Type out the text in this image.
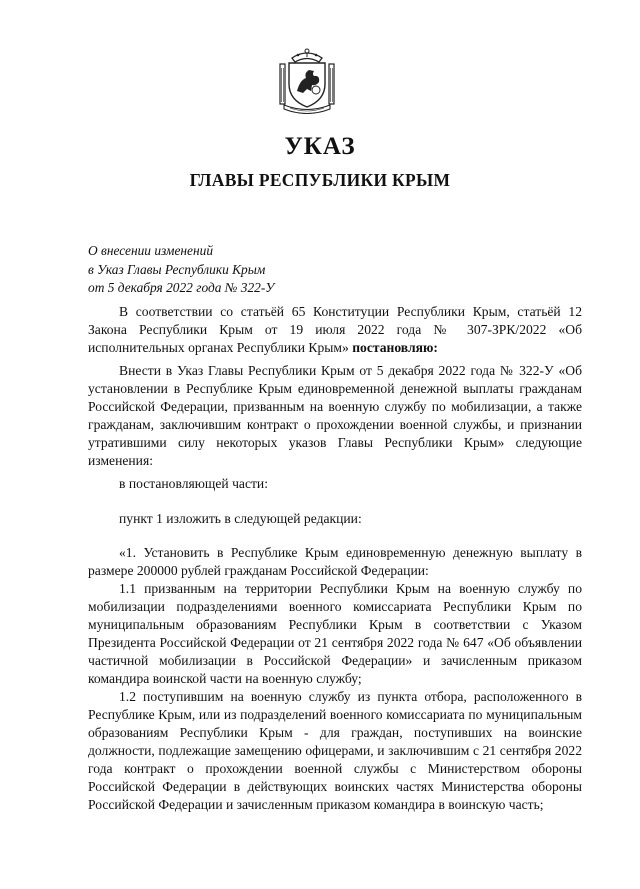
УКАЗ
ГЛАВЫ РЕСПУБЛИКИ КРЫМ
О внесении изменений
в Указ Главы Республики Крым
от 5 декабря 2022 года № 322-У

В соответствии со статьёй 65 Конституции Республики Крым, статьёй 12 Закона Республики Крым от 19 июля 2022 года № 307-ЗРК/2022 «Об исполнительных органах Республики Крым» постановляю:

Внести в Указ Главы Республики Крым от 5 декабря 2022 года № 322-У «Об установлении в Республике Крым единовременной денежной выплаты гражданам Российской Федерации, призванным на военную службу по мобилизации, а также гражданам, заключившим контракт о прохождении военной службы, и признании утратившими силу некоторых указов Главы Республики Крым» следующие изменения:

в постановляющей части:

пункт 1 изложить в следующей редакции:

«1. Установить в Республике Крым единовременную денежную выплату в размере 200000 рублей гражданам Российской Федерации:

1.1 призванным на территории Республики Крым на военную службу по мобилизации подразделениями военного комиссариата Республики Крым по муниципальным образованиям Республики Крым в соответствии с Указом Президента Российской Федерации от 21 сентября 2022 года № 647 «Об объявлении частичной мобилизации в Российской Федерации» и зачисленным приказом командира воинской части на военную службу;

1.2 поступившим на военную службу из пункта отбора, расположенного в Республике Крым, или из подразделений военного комиссариата по муниципальным образованиям Республики Крым - для граждан, поступивших на воинские должности, подлежащие замещению офицерами, и заключившим с 21 сентября 2022 года контракт о прохождении военной службы с Министерством обороны Российской Федерации в действующих воинских частях Министерства обороны Российской Федерации и зачисленным приказом командира в воинскую часть;
